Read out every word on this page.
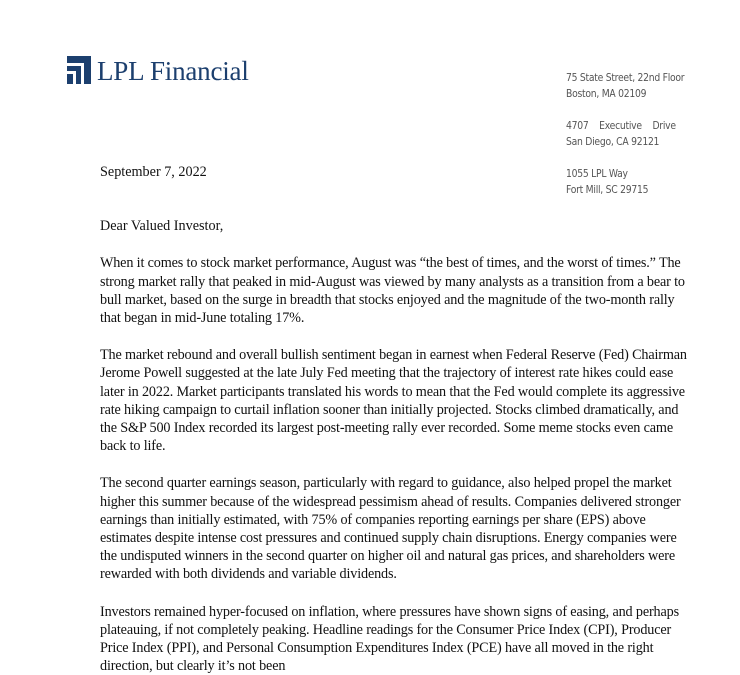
LPL Financial	75 State Street, 22nd Floor
Boston, MA 02109
4707    Executive    Drive
San Diego, CA 92121
1055 LPL Way
Fort Mill, SC 29715

September 7, 2022

Dear Valued Investor,

When it comes to stock market performance, August was “the best of times, and the worst of times.” The strong market rally that peaked in mid-August was viewed by many analysts as a transition from a bear to bull market, based on the surge in breadth that stocks enjoyed and the magnitude of the two-month rally that began in mid-June totaling 17%.

The market rebound and overall bullish sentiment began in earnest when Federal Reserve (Fed) Chairman Jerome Powell suggested at the late July Fed meeting that the trajectory of interest rate hikes could ease later in 2022. Market participants translated his words to mean that the Fed would complete its aggressive rate hiking campaign to curtail inflation sooner than initially projected. Stocks climbed dramatically, and the S&P 500 Index recorded its largest post-meeting rally ever recorded. Some meme stocks even came back to life.

The second quarter earnings season, particularly with regard to guidance, also helped propel the market higher this summer because of the widespread pessimism ahead of results. Companies delivered stronger earnings than initially estimated, with 75% of companies reporting earnings per share (EPS) above estimates despite intense cost pressures and continued supply chain disruptions. Energy companies were the undisputed winners in the second quarter on higher oil and natural gas prices, and shareholders were rewarded with both dividends and variable dividends.

Investors remained hyper-focused on inflation, where pressures have shown signs of easing, and perhaps plateauing, if not completely peaking. Headline readings for the Consumer Price Index (CPI), Producer Price Index (PPI), and Personal Consumption Expenditures Index (PCE) have all moved in the right direction, but clearly it’s not been
